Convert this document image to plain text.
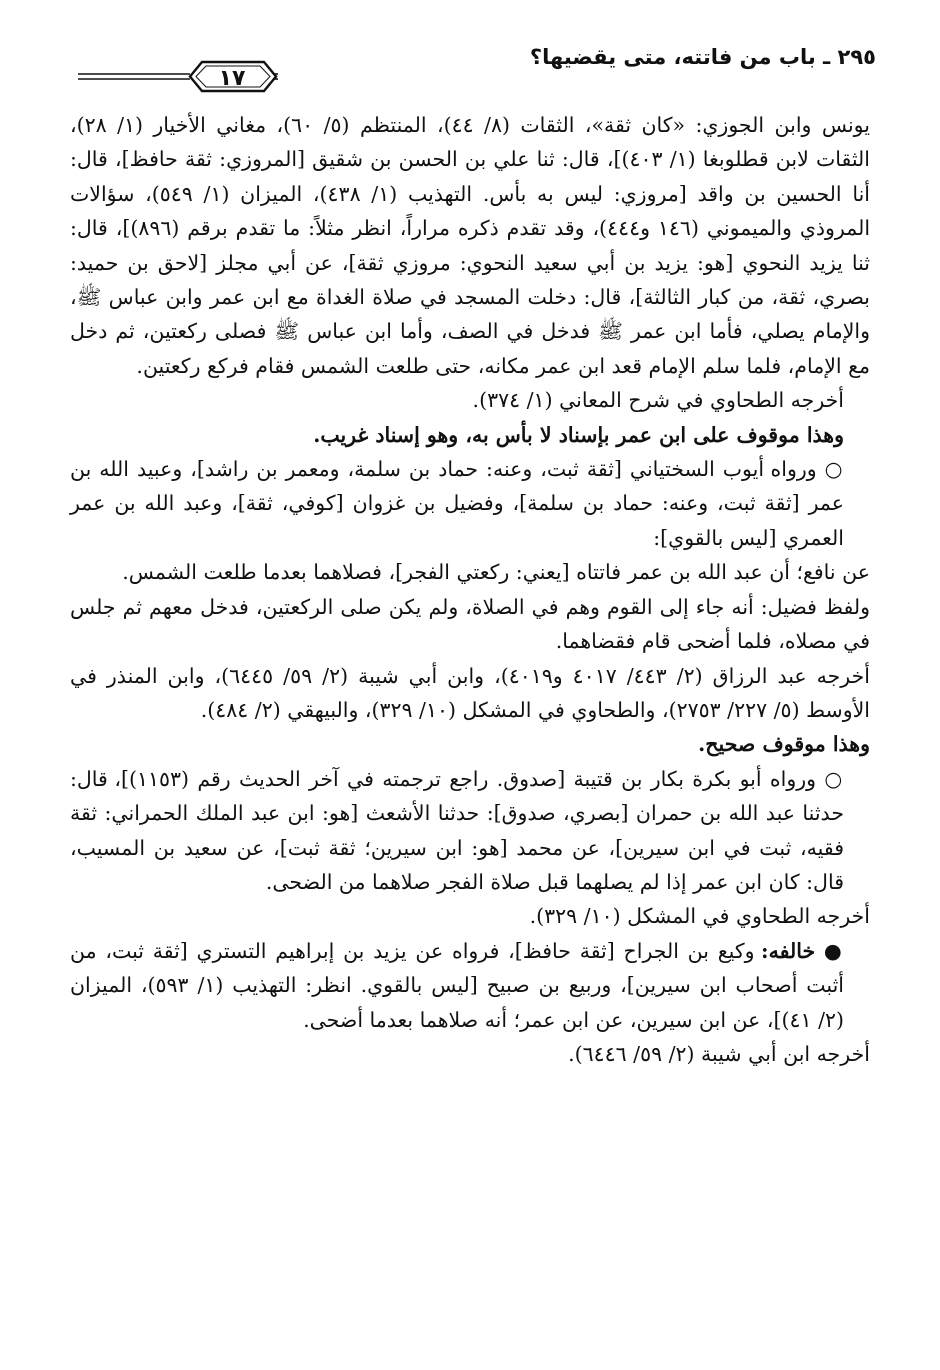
٢٩٥ ـ باب من فاتته، متى يقضيها؟
١٧

يونس وابن الجوزي: «كان ثقة»، الثقات (٨/ ٤٤)، المنتظم (٥/ ٦٠)، مغاني الأخيار (١/ ٢٨)، الثقات لابن قطلوبغا (١/ ٤٠٣)]، قال: ثنا علي بن الحسن بن شقيق [المروزي: ثقة حافظ]، قال: أنا الحسين بن واقد [مروزي: ليس به بأس. التهذيب (١/ ٤٣٨)، الميزان (١/ ٥٤٩)، سؤالات المروذي والميموني (١٤٦ و٤٤٤)، وقد تقدم ذكره مراراً، انظر مثلاً: ما تقدم برقم (٨٩٦)]، قال: ثنا يزيد النحوي [هو: يزيد بن أبي سعيد النحوي: مروزي ثقة]، عن أبي مجلز [لاحق بن حميد: بصري، ثقة، من كبار الثالثة]، قال: دخلت المسجد في صلاة الغداة مع ابن عمر وابن عباس ﷺ، والإمام يصلي، فأما ابن عمر ﷺ فدخل في الصف، وأما ابن عباس ﷺ فصلى ركعتين، ثم دخل مع الإمام، فلما سلم الإمام قعد ابن عمر مكانه، حتى طلعت الشمس فقام فركع ركعتين.

أخرجه الطحاوي في شرح المعاني (١/ ٣٧٤).

وهذا موقوف على ابن عمر بإسناد لا بأس به، وهو إسناد غريب.

○ ورواه أيوب السختياني [ثقة ثبت، وعنه: حماد بن سلمة، ومعمر بن راشد]، وعبيد الله بن عمر [ثقة ثبت، وعنه: حماد بن سلمة]، وفضيل بن غزوان [كوفي، ثقة]، وعبد الله بن عمر العمري [ليس بالقوي]:

عن نافع؛ أن عبد الله بن عمر فاتتاه [يعني: ركعتي الفجر]، فصلاهما بعدما طلعت الشمس.

ولفظ فضيل: أنه جاء إلى القوم وهم في الصلاة، ولم يكن صلى الركعتين، فدخل معهم ثم جلس في مصلاه، فلما أضحى قام فقضاهما.

أخرجه عبد الرزاق (٢/ ٤٤٣/ ٤٠١٧ و٤٠١٩)، وابن أبي شيبة (٢/ ٥٩/ ٦٤٤٥)، وابن المنذر في الأوسط (٥/ ٢٢٧/ ٢٧٥٣)، والطحاوي في المشكل (١٠/ ٣٢٩)، والبيهقي (٢/ ٤٨٤).

وهذا موقوف صحيح.

○ ورواه أبو بكرة بكار بن قتيبة [صدوق. راجع ترجمته في آخر الحديث رقم (١١٥٣)]، قال: حدثنا عبد الله بن حمران [بصري، صدوق]: حدثنا الأشعث [هو: ابن عبد الملك الحمراني: ثقة فقيه، ثبت في ابن سيرين]، عن محمد [هو: ابن سيرين؛ ثقة ثبت]، عن سعيد بن المسيب، قال: كان ابن عمر إذا لم يصلهما قبل صلاة الفجر صلاهما من الضحى.

أخرجه الطحاوي في المشكل (١٠/ ٣٢٩).

● خالفه: وكيع بن الجراح [ثقة حافظ]، فرواه عن يزيد بن إبراهيم التستري [ثقة ثبت، من أثبت أصحاب ابن سيرين]، وربيع بن صبيح [ليس بالقوي. انظر: التهذيب (١/ ٥٩٣)، الميزان (٢/ ٤١)]، عن ابن سيرين، عن ابن عمر؛ أنه صلاهما بعدما أضحى.

أخرجه ابن أبي شيبة (٢/ ٥٩/ ٦٤٤٦).
